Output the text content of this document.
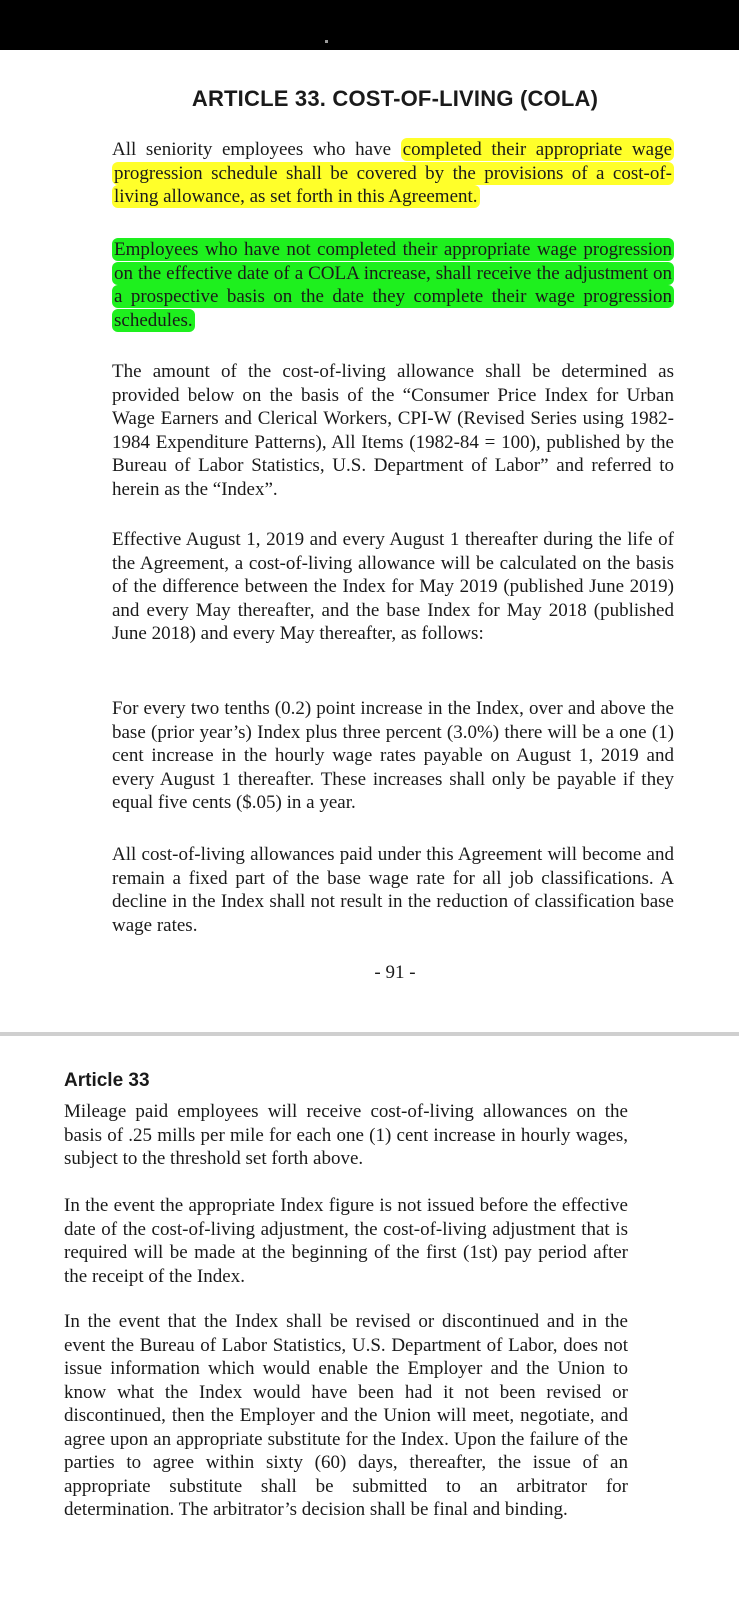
ARTICLE 33. COST-OF-LIVING (COLA)

All seniority employees who have completed their appropriate wage progression schedule shall be covered by the provisions of a cost-of-living allowance, as set forth in this Agreement.

Employees who have not completed their appropriate wage progression on the effective date of a COLA increase, shall receive the adjustment on a prospective basis on the date they complete their wage progression schedules.

The amount of the cost-of-living allowance shall be determined as provided below on the basis of the “Consumer Price Index for Urban Wage Earners and Clerical Workers, CPI-W (Revised Series using 1982-1984 Expenditure Patterns), All Items (1982-84 = 100), published by the Bureau of Labor Statistics, U.S. Department of Labor” and referred to herein as the “Index”.

Effective August 1, 2019 and every August 1 thereafter during the life of the Agreement, a cost-of-living allowance will be calculated on the basis of the difference between the Index for May 2019 (published June 2019) and every May thereafter, and the base Index for May 2018 (published June 2018) and every May thereafter, as follows:

For every two tenths (0.2) point increase in the Index, over and above the base (prior year’s) Index plus three percent (3.0%) there will be a one (1) cent increase in the hourly wage rates payable on August 1, 2019 and every August 1 thereafter. These increases shall only be payable if they equal five cents ($.05) in a year.

All cost-of-living allowances paid under this Agreement will become and remain a fixed part of the base wage rate for all job classifications. A decline in the Index shall not result in the reduction of classification base wage rates.

- 91 -

Article 33

Mileage paid employees will receive cost-of-living allowances on the basis of .25 mills per mile for each one (1) cent increase in hourly wages, subject to the threshold set forth above.

In the event the appropriate Index figure is not issued before the effective date of the cost-of-living adjustment, the cost-of-living adjustment that is required will be made at the beginning of the first (1st) pay period after the receipt of the Index.

In the event that the Index shall be revised or discontinued and in the event the Bureau of Labor Statistics, U.S. Department of Labor, does not issue information which would enable the Employer and the Union to know what the Index would have been had it not been revised or discontinued, then the Employer and the Union will meet, negotiate, and agree upon an appropriate substitute for the Index. Upon the failure of the parties to agree within sixty (60) days, thereafter, the issue of an appropriate substitute shall be submitted to an arbitrator for determination. The arbitrator’s decision shall be final and binding.
